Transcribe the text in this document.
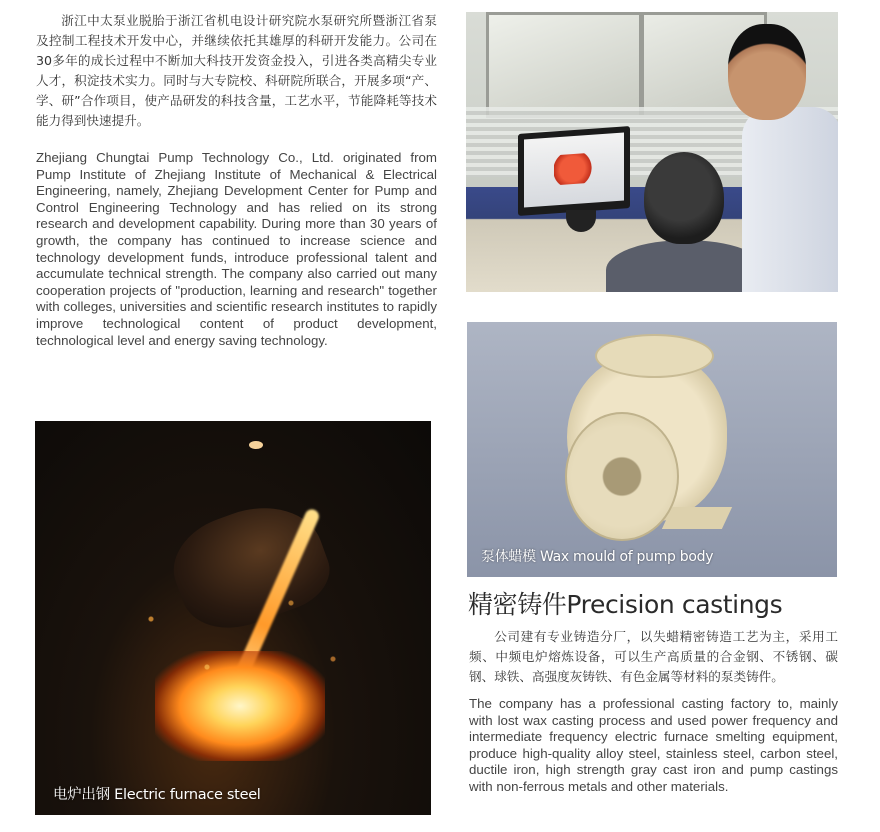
浙江中太泵业脱胎于浙江省机电设计研究院水泵研究所暨浙江省泵及控制工程技术开发中心，并继续依托其雄厚的科研开发能力。公司在30多年的成长过程中不断加大科技开发资金投入，引进各类高精尖专业人才，积淀技术实力。同时与大专院校、科研院所联合，开展多项“产、学、研”合作项目，使产品研发的科技含量，工艺水平，节能降耗等技术能力得到快速提升。

Zhejiang Chungtai Pump Technology Co., Ltd. originated from Pump Institute of Zhejiang Institute of Mechanical & Electrical Engineering, namely, Zhejiang Development Center for Pump and Control Engineering Technology and has relied on its strong research and development capability. During more than 30 years of growth, the company has continued to increase science and technology development funds, introduce professional talent and accumulate technical strength. The company also carried out many cooperation projects of "production, learning and research" together with colleges, universities and scientific research institutes to rapidly improve technological content of product development, technological level and energy saving technology.

泵体蜡模 Wax mould of pump body
精密铸件Precision castings

公司建有专业铸造分厂，以失蜡精密铸造工艺为主，采用工频、中频电炉熔炼设备，可以生产高质量的合金钢、不锈钢、碳钢、球铁、高强度灰铸铁、有色金属等材料的泵类铸件。

The company has a professional casting factory to, mainly with lost wax casting process and used power frequency and intermediate frequency electric furnace smelting equipment, produce high-quality alloy steel, stainless steel, carbon steel, ductile iron, high strength gray cast iron and pump castings with non-ferrous metals and other materials.

电炉出钢 Electric furnace steel
